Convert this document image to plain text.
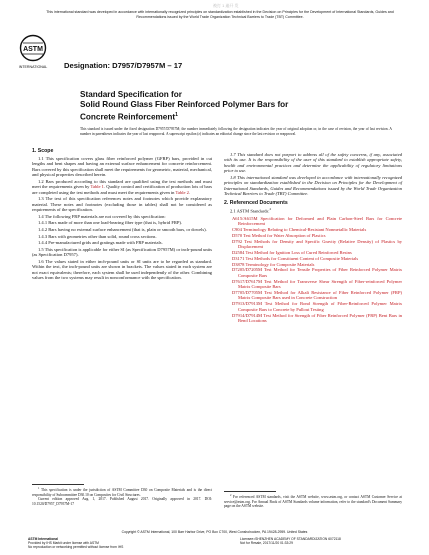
被打 1 遍开 发
This international standard was developed in accordance with internationally recognized principles on standardization established in the Decision on Principles for the Development of International Standards, Guides and Recommendations issued by the World Trade Organization Technical Barriers to Trade (TBT) Committee.
ASTM
INTERNATIONAL Designation: D7957/D7957M – 17
Standard Specification for
Solid Round Glass Fiber Reinforced Polymer Bars for
Concrete Reinforcement$^1$
This standard is issued under the fixed designation D7957/D7957M; the number immediately following the designation indicates the year of original adoption or, in the case of revision, the year of last revision. A number in parentheses indicates the year of last reapproval. A superscript epsilon (ε) indicates an editorial change since the last revision or reapproval.

1. Scope

1.1 This specification covers glass fiber reinforced polymer (GFRP) bars, provided in cut lengths and bent shapes and having an external surface enhancement for concrete reinforcement. Bars covered by this specification shall meet the requirements for geometric, material, mechanical, and physical properties described herein.

1.2 Bars produced according to this standard are qualified using the test methods and must meet the requirements given by Table 1. Quality control and certification of production lots of bars are completed using the test methods and must meet the requirements given in Table 2.

1.3 The text of this specification references notes and footnotes which provide explanatory material. These notes and footnotes (excluding those in tables) shall not be considered as requirements of the specification.

1.4 The following FRP materials are not covered by this specification:

1.4.1 Bars made of more than one load-bearing fiber type (that is, hybrid FRP).

1.4.2 Bars having no external surface enhancement (that is, plain or smooth bars, or dowels).

1.4.3 Bars with geometries other than solid, round cross sections.

1.4.4 Pre-manufactured grids and gratings made with FRP materials.

1.5 This specification is applicable for either SI (as Specification D7957M) or inch-pound units (as Specification D7957).

1.6 The values stated in either inch-pound units or SI units are to be regarded as standard. Within the text, the inch-pound units are shown in brackets. The values stated in each system are not exact equivalents; therefore, each system shall be used independently of the other. Combining values from the two systems may result in nonconformance with the specification.

1.7 This standard does not purport to address all of the safety concerns, if any, associated with its use. It is the responsibility of the user of this standard to establish appropriate safety, health and environmental practices and determine the applicability of regulatory limitations prior to use.

1.8 This international standard was developed in accordance with internationally recognized principles on standardization established in the Decision on Principles for the Development of International Standards, Guides and Recommendations issued by the World Trade Organization Technical Barriers to Trade (TBT) Committee.

2. Referenced Documents

2.1 ASTM Standards:$^2$

A615/A615M Specification for Deformed and Plain Carbon-Steel Bars for Concrete Reinforcement

C904 Terminology Relating to Chemical-Resistant Nonmetallic Materials

D570 Test Method for Water Absorption of Plastics

D792 Test Methods for Density and Specific Gravity (Relative Density) of Plastics by Displacement

D2584 Test Method for Ignition Loss of Cured Reinforced Resins

D3171 Test Methods for Constituent Content of Composite Materials

D3878 Terminology for Composite Materials

D7205/D7205M Test Method for Tensile Properties of Fiber Reinforced Polymer Matrix Composite Bars

D7617/D7617M Test Method for Transverse Shear Strength of Fiber-reinforced Polymer Matrix Composite Bars

D7705/D7705M Test Method for Alkali Resistance of Fiber Reinforced Polymer (FRP) Matrix Composite Bars used in Concrete Construction

D7913/D7913M Test Method for Bond Strength of Fiber-Reinforced Polymer Matrix Composite Bars to Concrete by Pullout Testing

D7914/D7914M Test Method for Strength of Fiber Reinforced Polymer (FRP) Bent Bars in Bend Locations

$^1$ This specification is under the jurisdiction of ASTM Committee D30 on Composite Materials and is the direct responsibility of Subcommittee D30.10 on Composites for Civil Structures.
Current edition approved Aug. 1, 2017. Published August 2017. Originally approved in 2017. DOI: 10.1520/D7957_D7957M-17
$^2$ For referenced ASTM standards, visit the ASTM website, www.astm.org, or contact ASTM Customer Service at service@astm.org. For Annual Book of ASTM Standards volume information, refer to the standard's Document Summary page on the ASTM website.
Copyright © ASTM International, 100 Barr Harbor Drive, PO Box C700, West Conshohocken, PA 19428-2959. United States
ASTM International
Provided by IHS Markit under license with ASTM
No reproduction or networking permitted without license from IHS
Licensee=SHENZHEN ACADEMY OF STANDARDIZATION 6072118
Not for Resale, 2017/11/20 01:33:29
